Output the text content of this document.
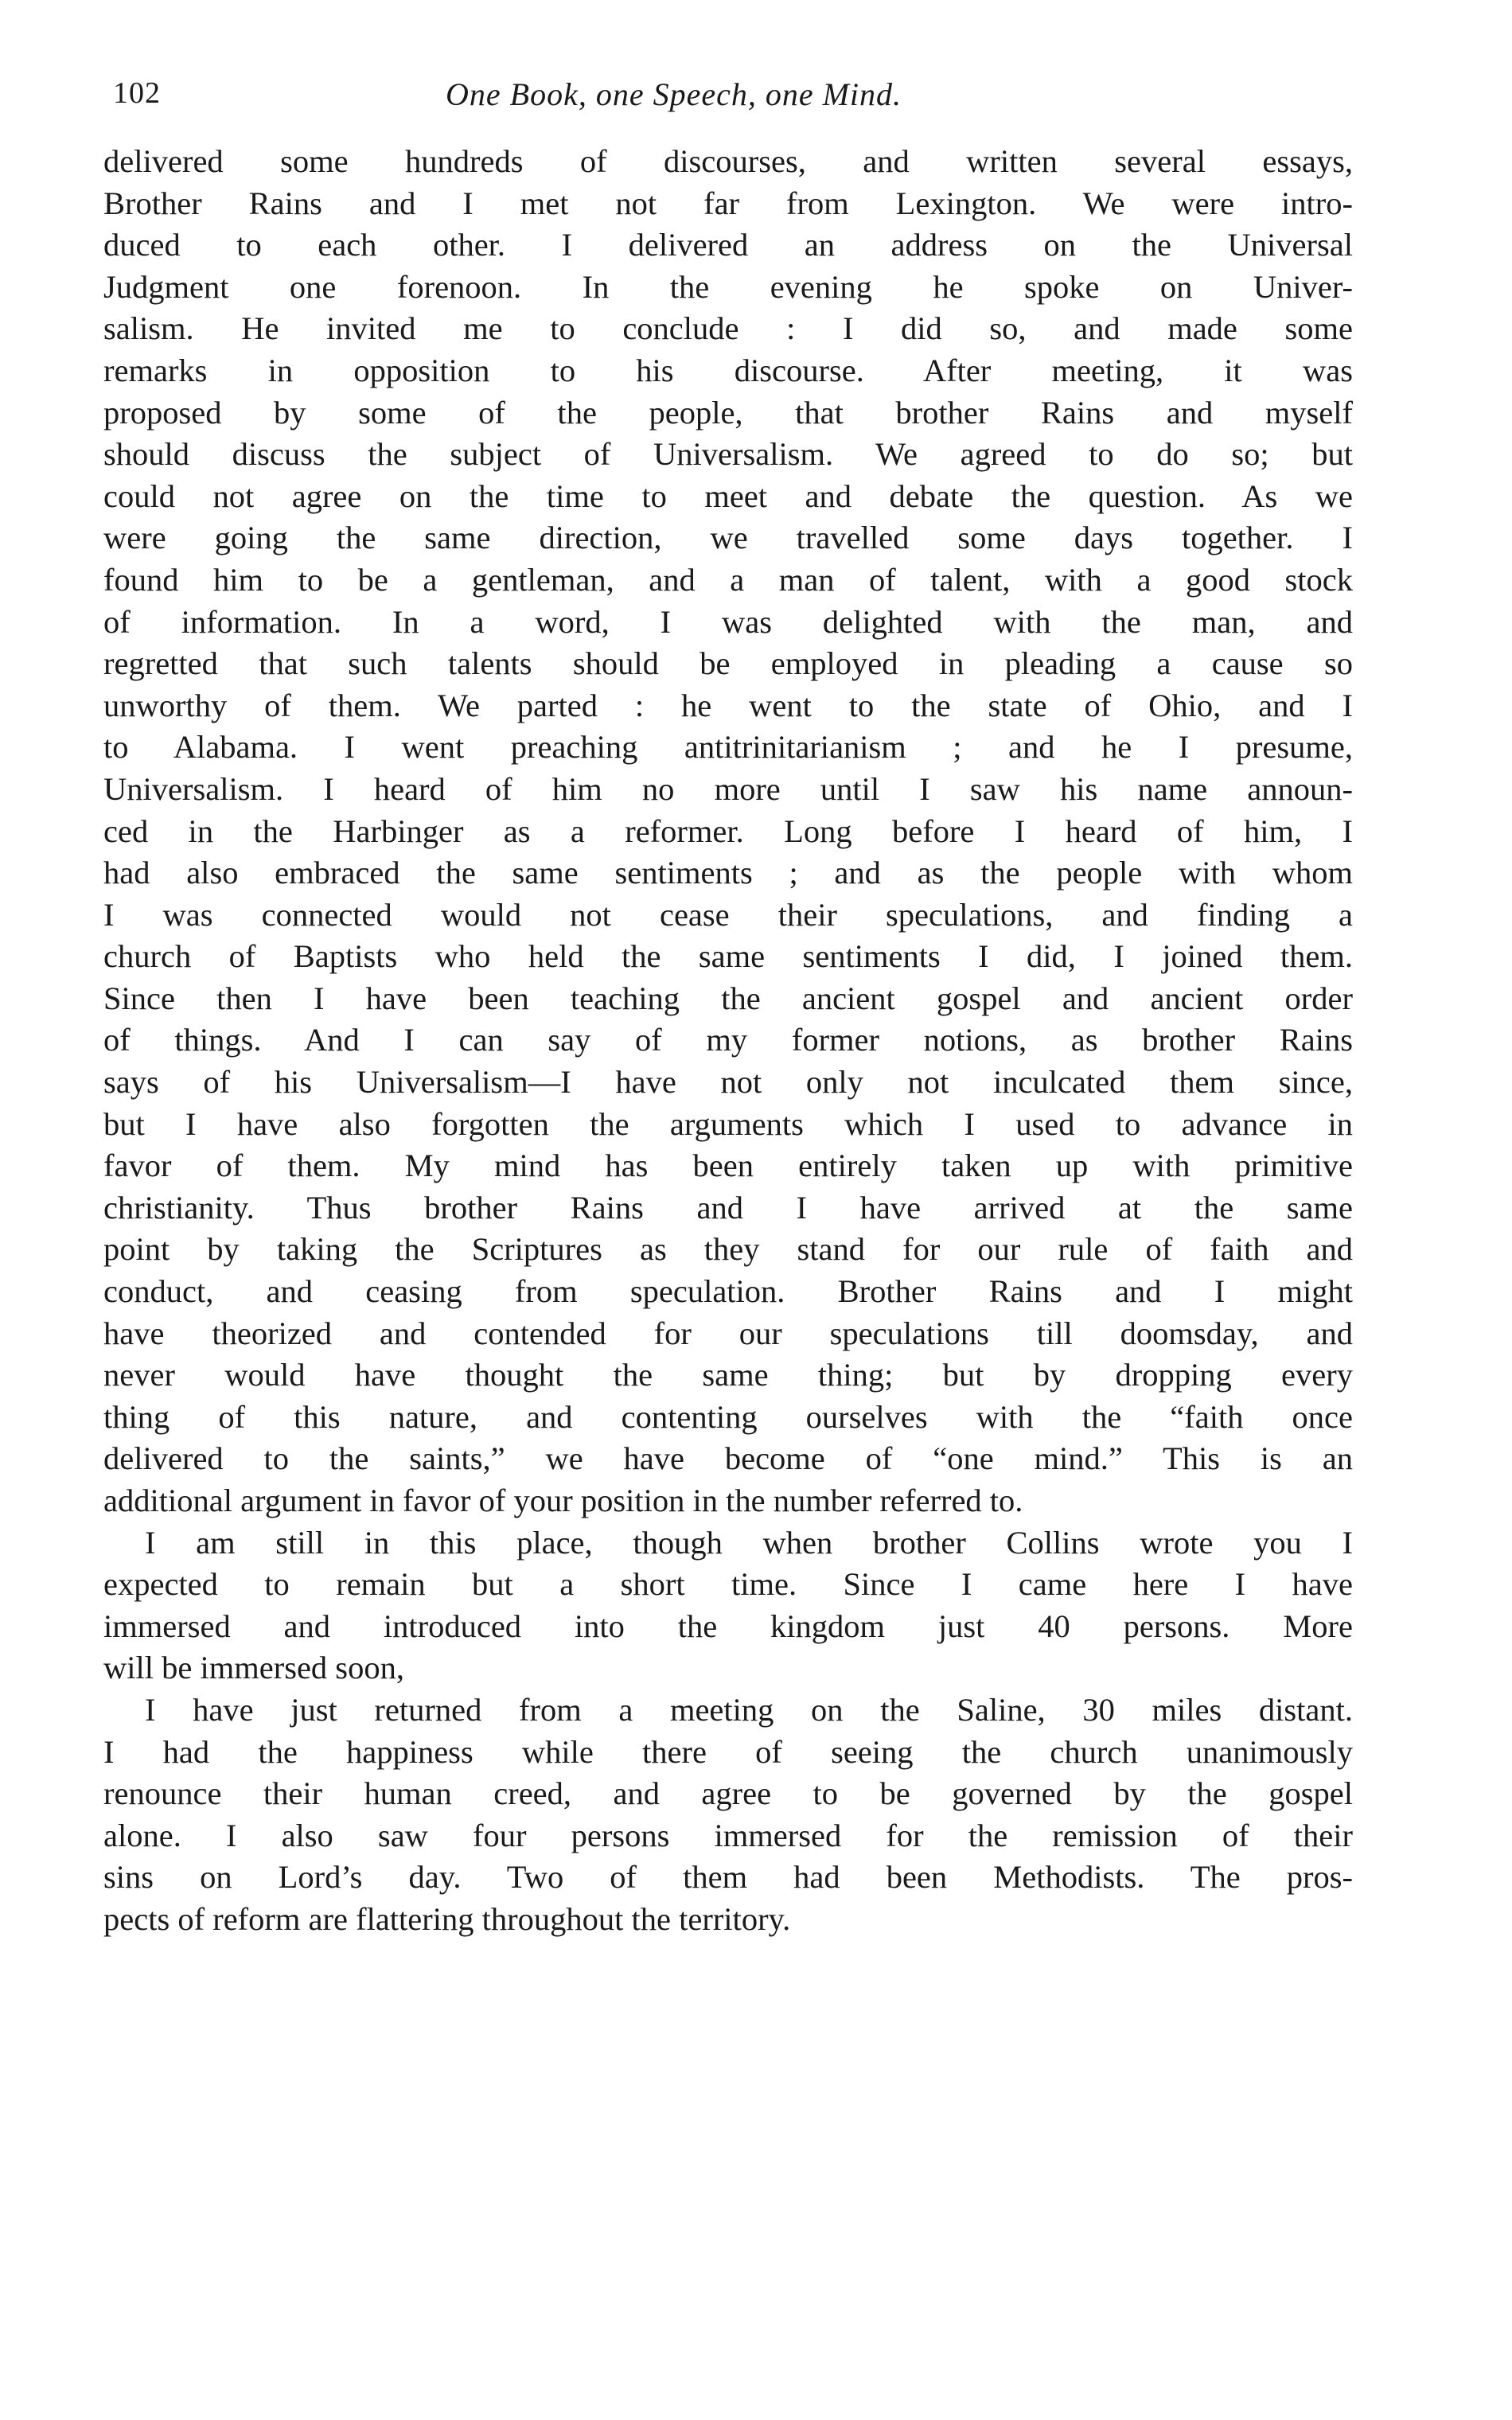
102	One Book, one Speech, one Mind.
delivered some hundreds of discourses, and written several essays,
Brother Rains and I met not far from Lexington. We were intro-
duced to each other. I delivered an address on the Universal
Judgment one forenoon. In the evening he spoke on Univer-
salism. He invited me to conclude : I did so, and made some
remarks in opposition to his discourse. After meeting, it was
proposed by some of the people, that brother Rains and myself
should discuss the subject of Universalism. We agreed to do so; but
could not agree on the time to meet and debate the question. As we
were going the same direction, we travelled some days together. I
found him to be a gentleman, and a man of talent, with a good stock
of information. In a word, I was delighted with the man, and
regretted that such talents should be employed in pleading a cause so
unworthy of them. We parted : he went to the state of Ohio, and I
to Alabama. I went preaching antitrinitarianism ; and he I presume,
Universalism. I heard of him no more until I saw his name announ-
ced in the Harbinger as a reformer. Long before I heard of him, I
had also embraced the same sentiments ; and as the people with whom
I was connected would not cease their speculations, and finding a
church of Baptists who held the same sentiments I did, I joined them.
Since then I have been teaching the ancient gospel and ancient order
of things. And I can say of my former notions, as brother Rains
says of his Universalism—I have not only not inculcated them since,
but I have also forgotten the arguments which I used to advance in
favor of them. My mind has been entirely taken up with primitive
christianity. Thus brother Rains and I have arrived at the same
point by taking the Scriptures as they stand for our rule of faith and
conduct, and ceasing from speculation. Brother Rains and I might
have theorized and contended for our speculations till doomsday, and
never would have thought the same thing; but by dropping every
thing of this nature, and contenting ourselves with the “faith once
delivered to the saints,” we have become of “one mind.” This is an
additional argument in favor of your position in the number referred to.
I am still in this place, though when brother Collins wrote you I
expected to remain but a short time. Since I came here I have
immersed and introduced into the kingdom just 40 persons. More
will be immersed soon,
I have just returned from a meeting on the Saline, 30 miles distant.
I had the happiness while there of seeing the church unanimously
renounce their human creed, and agree to be governed by the gospel
alone. I also saw four persons immersed for the remission of their
sins on Lord’s day. Two of them had been Methodists. The pros-
pects of reform are flattering throughout the territory.
